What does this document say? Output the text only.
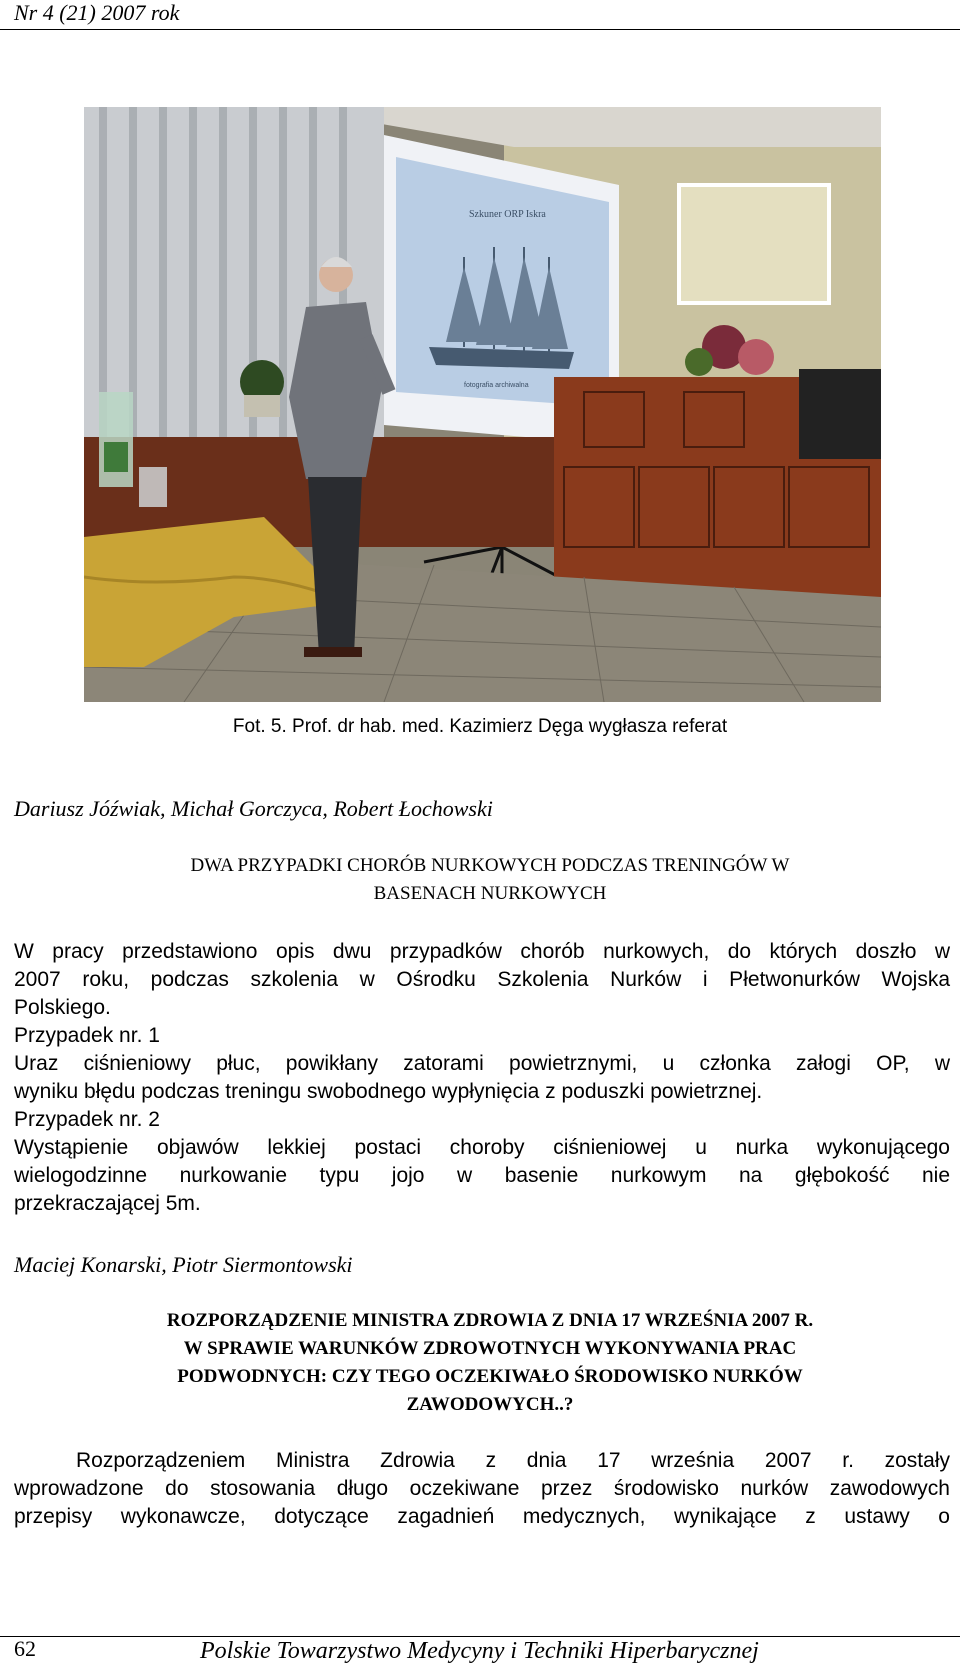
Nr 4 (21) 2007 rok
Szkuner ORP Iskra
fotografia archiwalna
Fot. 5. Prof. dr hab. med. Kazimierz Dęga wygłasza referat
Dariusz Jóźwiak, Michał Gorczyca, Robert Łochowski
DWA PRZYPADKI CHORÓB NURKOWYCH PODCZAS TRENINGÓW W
BASENACH NURKOWYCH
W pracy przedstawiono opis dwu przypadków chorób nurkowych, do których doszło w
2007 roku, podczas szkolenia w Ośrodku Szkolenia Nurków i Płetwonurków Wojska
Polskiego.
Przypadek nr. 1
Uraz ciśnieniowy płuc, powikłany zatorami powietrznymi, u członka załogi OP, w
wyniku błędu podczas treningu swobodnego wypłynięcia z poduszki powietrznej.
Przypadek nr. 2
Wystąpienie objawów lekkiej postaci choroby ciśnieniowej u nurka wykonującego
wielogodzinne nurkowanie typu jojo w basenie nurkowym na głębokość nie
przekraczającej 5m.
Maciej Konarski, Piotr Siermontowski
ROZPORZĄDZENIE MINISTRA ZDROWIA Z DNIA 17 WRZEŚNIA 2007 R.
W SPRAWIE WARUNKÓW ZDROWOTNYCH WYKONYWANIA PRAC
PODWODNYCH: CZY TEGO OCZEKIWAŁO ŚRODOWISKO NURKÓW
ZAWODOWYCH..?
Rozporządzeniem Ministra Zdrowia z dnia 17 września 2007 r. zostały
wprowadzone do stosowania długo oczekiwane przez środowisko nurków zawodowych
przepisy wykonawcze, dotyczące zagadnień medycznych, wynikające z ustawy o
62	Polskie Towarzystwo Medycyny i Techniki Hiperbarycznej
